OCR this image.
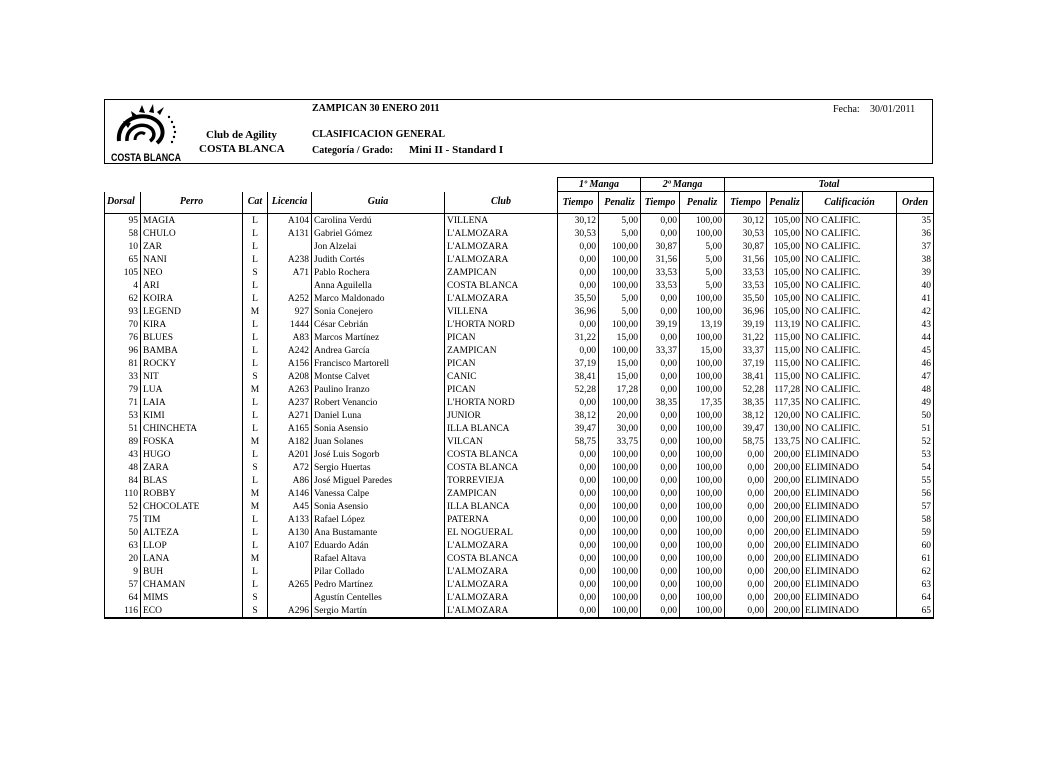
COSTA BLANCA
Club de Agility
COSTA BLANCA
ZAMPICAN 30 ENERO 2011
CLASIFICACION GENERAL
Categoría / Grado: Mini II - Standard I
Fecha: 30/01/2011
						1º Manga		2ª Manga		Total			
Dorsal	Perro	Cat	Licencia	Guia	Club	Tiempo	Penaliz	Tiempo	Penaliz	Tiempo	Penaliz	Calificación	Orden
95	MAGIA	L	A104	Carolina Verdú	VILLENA	30,12	5,00	0,00	100,00	30,12	105,00	NO CALIFIC.	35
58	CHULO	L	A131	Gabriel Gómez	L'ALMOZARA	30,53	5,00	0,00	100,00	30,53	105,00	NO CALIFIC.	36
10	ZAR	L		Jon Alzelai	L'ALMOZARA	0,00	100,00	30,87	5,00	30,87	105,00	NO CALIFIC.	37
65	NANI	L	A238	Judith Cortés	L'ALMOZARA	0,00	100,00	31,56	5,00	31,56	105,00	NO CALIFIC.	38
105	NEO	S	A71	Pablo Rochera	ZAMPICAN	0,00	100,00	33,53	5,00	33,53	105,00	NO CALIFIC.	39
4	ARI	L		Anna Aguilella	COSTA BLANCA	0,00	100,00	33,53	5,00	33,53	105,00	NO CALIFIC.	40
62	KOIRA	L	A252	Marco Maldonado	L'ALMOZARA	35,50	5,00	0,00	100,00	35,50	105,00	NO CALIFIC.	41
93	LEGEND	M	927	Sonia Conejero	VILLENA	36,96	5,00	0,00	100,00	36,96	105,00	NO CALIFIC.	42
70	KIRA	L	1444	César Cebrián	L'HORTA NORD	0,00	100,00	39,19	13,19	39,19	113,19	NO CALIFIC.	43
76	BLUES	L	A83	Marcos Martínez	PICAN	31,22	15,00	0,00	100,00	31,22	115,00	NO CALIFIC.	44
96	BAMBA	L	A242	Andrea García	ZAMPICAN	0,00	100,00	33,37	15,00	33,37	115,00	NO CALIFIC.	45
81	ROCKY	L	A156	Francisco Martorell	PICAN	37,19	15,00	0,00	100,00	37,19	115,00	NO CALIFIC.	46
33	NIT	S	A208	Montse Calvet	CANIC	38,41	15,00	0,00	100,00	38,41	115,00	NO CALIFIC.	47
79	LUA	M	A263	Paulino Iranzo	PICAN	52,28	17,28	0,00	100,00	52,28	117,28	NO CALIFIC.	48
71	LAIA	L	A237	Robert Venancio	L'HORTA NORD	0,00	100,00	38,35	17,35	38,35	117,35	NO CALIFIC.	49
53	KIMI	L	A271	Daniel Luna	JUNIOR	38,12	20,00	0,00	100,00	38,12	120,00	NO CALIFIC.	50
51	CHINCHETA	L	A165	Sonia Asensio	ILLA BLANCA	39,47	30,00	0,00	100,00	39,47	130,00	NO CALIFIC.	51
89	FOSKA	M	A182	Juan Solanes	VILCAN	58,75	33,75	0,00	100,00	58,75	133,75	NO CALIFIC.	52
43	HUGO	L	A201	José Luis Sogorb	COSTA BLANCA	0,00	100,00	0,00	100,00	0,00	200,00	ELIMINADO	53
48	ZARA	S	A72	Sergio Huertas	COSTA BLANCA	0,00	100,00	0,00	100,00	0,00	200,00	ELIMINADO	54
84	BLAS	L	A86	José Miguel Paredes	TORREVIEJA	0,00	100,00	0,00	100,00	0,00	200,00	ELIMINADO	55
110	ROBBY	M	A146	Vanessa Calpe	ZAMPICAN	0,00	100,00	0,00	100,00	0,00	200,00	ELIMINADO	56
52	CHOCOLATE	M	A45	Sonia Asensio	ILLA BLANCA	0,00	100,00	0,00	100,00	0,00	200,00	ELIMINADO	57
75	TIM	L	A133	Rafael López	PATERNA	0,00	100,00	0,00	100,00	0,00	200,00	ELIMINADO	58
50	ALTEZA	L	A130	Ana Bustamante	EL NOGUERAL	0,00	100,00	0,00	100,00	0,00	200,00	ELIMINADO	59
63	LLOP	L	A107	Eduardo Adán	L'ALMOZARA	0,00	100,00	0,00	100,00	0,00	200,00	ELIMINADO	60
20	LANA	M		Rafael Altava	COSTA BLANCA	0,00	100,00	0,00	100,00	0,00	200,00	ELIMINADO	61
9	BUH	L		Pilar Collado	L'ALMOZARA	0,00	100,00	0,00	100,00	0,00	200,00	ELIMINADO	62
57	CHAMAN	L	A265	Pedro Martínez	L'ALMOZARA	0,00	100,00	0,00	100,00	0,00	200,00	ELIMINADO	63
64	MIMS	S		Agustín Centelles	L'ALMOZARA	0,00	100,00	0,00	100,00	0,00	200,00	ELIMINADO	64
116	ECO	S	A296	Sergio Martín	L'ALMOZARA	0,00	100,00	0,00	100,00	0,00	200,00	ELIMINADO	65
